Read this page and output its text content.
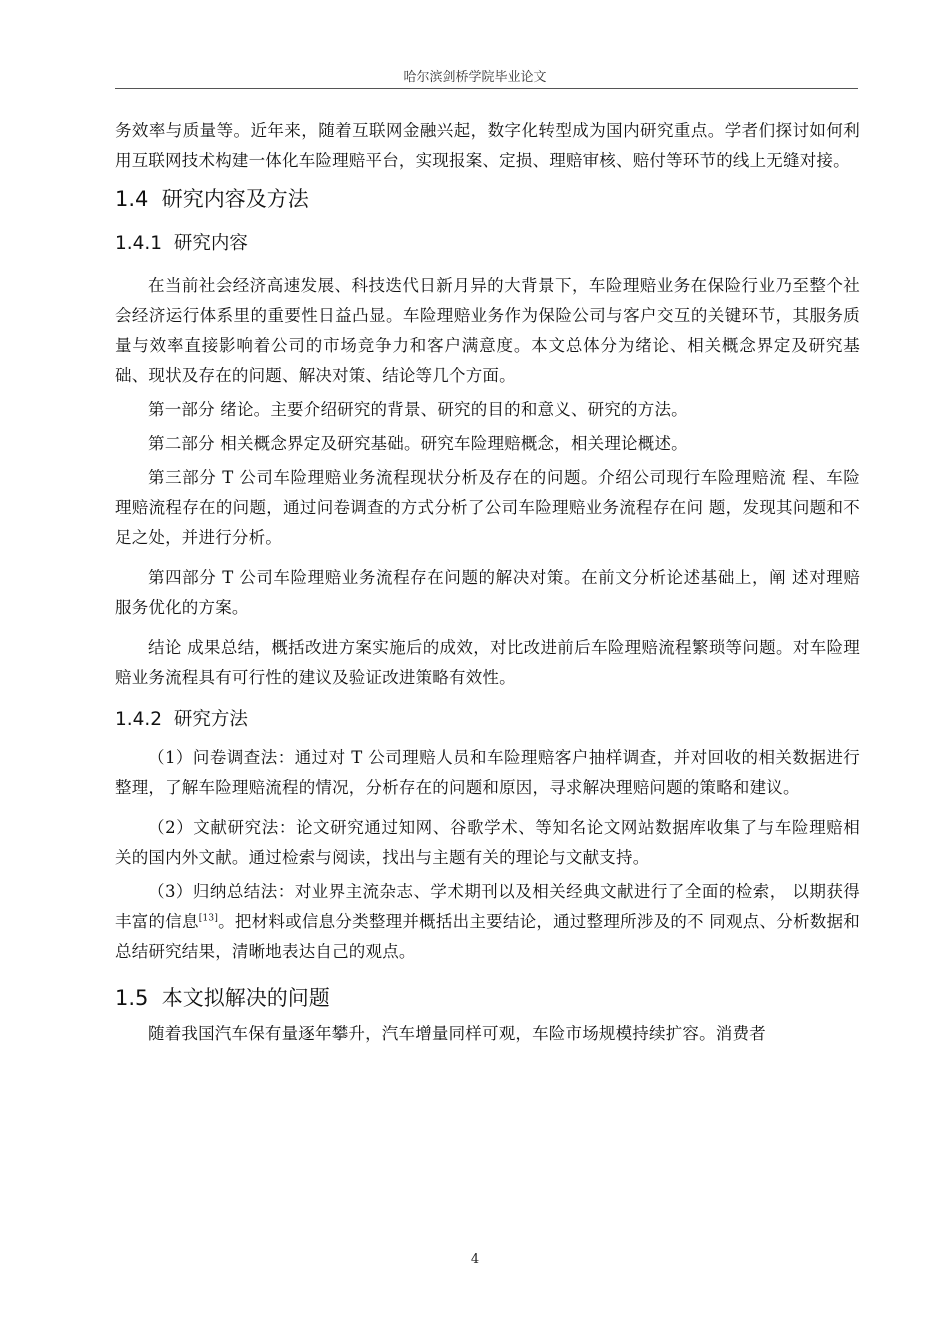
哈尔滨剑桥学院毕业论文

务效率与质量等。近年来，随着互联网金融兴起，数字化转型成为国内研究重点。学者们探讨如何利用互联网技术构建一体化车险理赔平台，实现报案、定损、理赔审核、赔付等环节的线上无缝对接。

1.4 研究内容及方法
1.4.1 研究内容

在当前社会经济高速发展、科技迭代日新月异的大背景下，车险理赔业务在保险行业乃至整个社会经济运行体系里的重要性日益凸显。车险理赔业务作为保险公司与客户交互的关键环节，其服务质量与效率直接影响着公司的市场竞争力和客户满意度。本文总体分为绪论、相关概念界定及研究基础、现状及存在的问题、解决对策、结论等几个方面。

第一部分 绪论。主要介绍研究的背景、研究的目的和意义、研究的方法。

第二部分 相关概念界定及研究基础。研究车险理赔概念，相关理论概述。

第三部分 T 公司车险理赔业务流程现状分析及存在的问题。介绍公司现行车险理赔流 程、车险理赔流程存在的问题，通过问卷调查的方式分析了公司车险理赔业务流程存在问 题，发现其问题和不足之处，并进行分析。

第四部分 T 公司车险理赔业务流程存在问题的解决对策。在前文分析论述基础上，阐 述对理赔服务优化的方案。

结论 成果总结，概括改进方案实施后的成效，对比改进前后车险理赔流程繁琐等问题。对车险理赔业务流程具有可行性的建议及验证改进策略有效性。

1.4.2 研究方法

（1）问卷调查法：通过对 T 公司理赔人员和车险理赔客户抽样调查，并对回收的相关数据进行整理，了解车险理赔流程的情况，分析存在的问题和原因，寻求解决理赔问题的策略和建议。

（2）文献研究法：论文研究通过知网、谷歌学术、等知名论文网站数据库收集了与车险理赔相关的国内外文献。通过检索与阅读，找出与主题有关的理论与文献支持。

（3）归纳总结法：对业界主流杂志、学术期刊以及相关经典文献进行了全面的检索， 以期获得丰富的信息[13]。把材料或信息分类整理并概括出主要结论，通过整理所涉及的不 同观点、分析数据和总结研究结果，清晰地表达自己的观点。

1.5 本文拟解决的问题

随着我国汽车保有量逐年攀升，汽车增量同样可观，车险市场规模持续扩容。消费者

4
